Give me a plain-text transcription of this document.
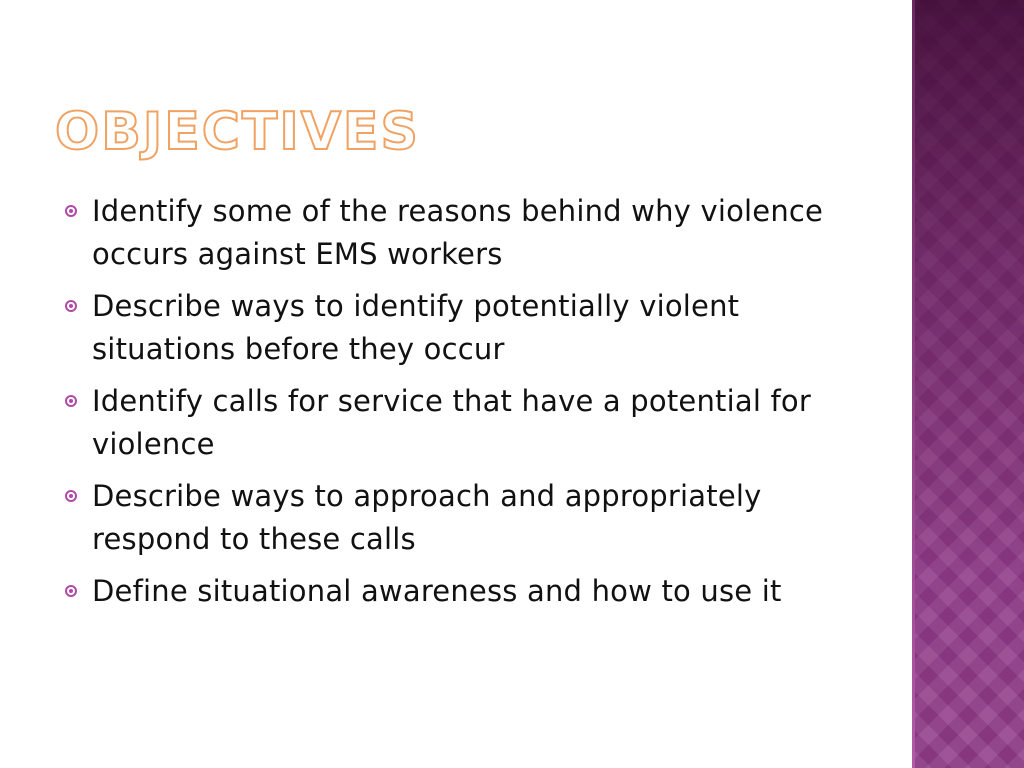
OBJECTIVES
Identify some of the reasons behind why violence occurs against EMS workers
Describe ways to identify potentially violent situations before they occur
Identify calls for service that have a potential for violence
Describe ways to approach and appropriately respond to these calls
Define situational awareness and how to use it
